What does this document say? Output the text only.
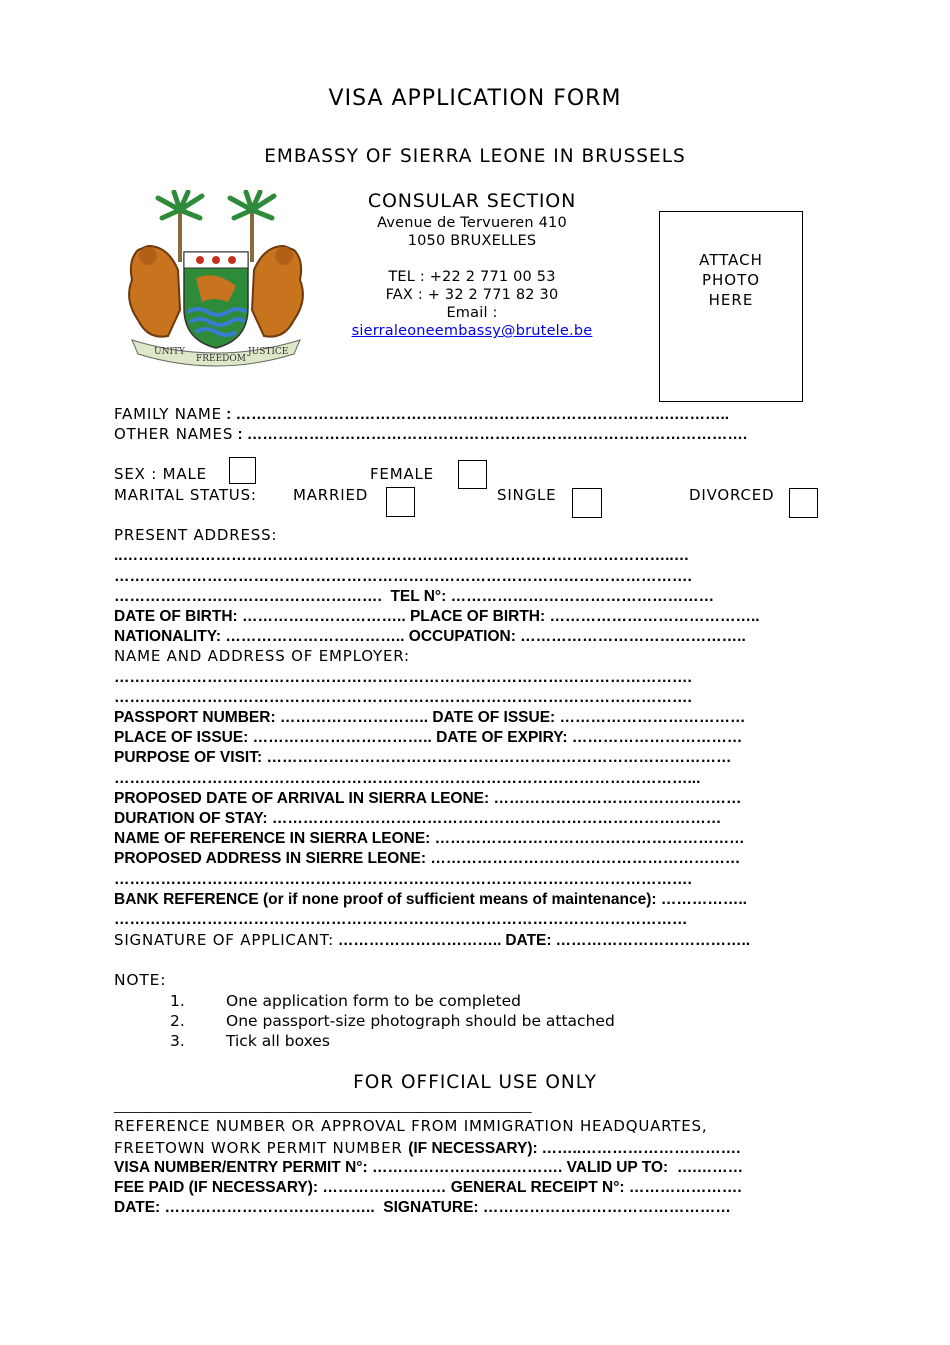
VISA APPLICATION FORM
EMBASSY OF SIERRA LEONE IN BRUSSELS
UNITY
FREEDOM
JUSTICE
CONSULAR SECTION
Avenue de Tervueren 410
1050 BRUXELLES
TEL : +22 2 771 00 53
FAX : + 32 2 771 82 30
Email :
sierraleoneembassy@brutele.be
ATTACH
PHOTO
HERE
FAMILY NAME : ………………………………………………………………………….………..
OTHER NAMES : …………………………………………………………………………………….
SEX : MALE	FEMALE
MARITAL STATUS: MARRIED	SINGLE	DIVORCED
PRESENT ADDRESS:
..……………………………………………………………………………………………..…
………………………………………………………………………………………………….
……………………………………………. TEL N°: ……………………………………………
DATE OF BIRTH: ………………………….. PLACE OF BIRTH: …………………………………..
NATIONALITY: …………………………….. OCCUPATION: ……………………………………..
NAME AND ADDRESS OF EMPLOYER:
………………………………………………………………………………………………….
………………………………………………………………………………………………….
PASSPORT NUMBER: ……………………….. DATE OF ISSUE: ………………………………
PLACE OF ISSUE: …………………………….. DATE OF EXPIRY: ……………………………
PURPOSE OF VISIT: ………………………………………………………………………………
…………………………………………………………………………………………………...
PROPOSED DATE OF ARRIVAL IN SIERRA LEONE: …………………………………………
DURATION OF STAY: ……………………………………………………………………………
NAME OF REFERENCE IN SIERRA LEONE: ……………………………………………………
PROPOSED ADDRESS IN SIERRE LEONE: ……………………………………………………
………………………………………………………………………………………………….
BANK REFERENCE (or if none proof of sufficient means of maintenance): ……………..
…………………………………………………………………………………………………
SIGNATURE OF APPLICANT: ………………………….. DATE: ………………………………..
NOTE:
1.	One application form to be completed
2.	One passport-size photograph should be attached
3.	Tick all boxes
FOR OFFICIAL USE ONLY
_____________________________________________________________________
REFERENCE NUMBER OR APPROVAL FROM IMMIGRATION HEADQUARTES,
FREETOWN WORK PERMIT NUMBER (IF NECESSARY): ……..………………………….
VISA NUMBER/ENTRY PERMIT N°: ………………………………. VALID UP TO: ….………
FEE PAID (IF NECESSARY): …………………… GENERAL RECEIPT N°: ………………….
DATE: ………………………………….. SIGNATURE: …………………………………………
